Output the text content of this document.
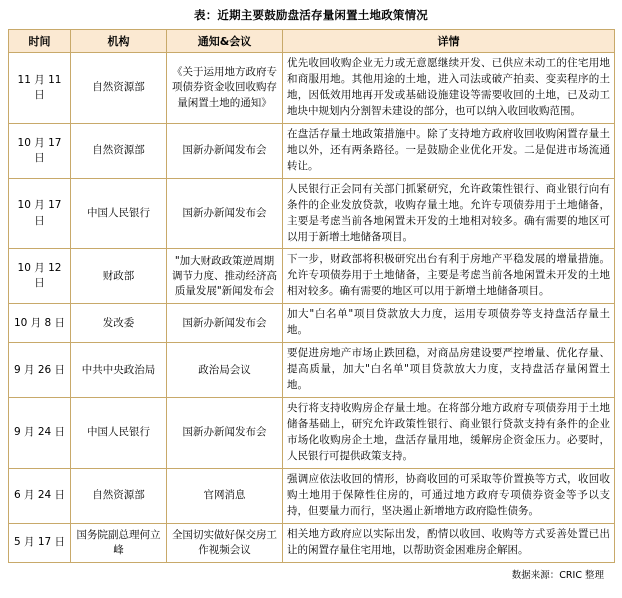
表：近期主要鼓励盘活存量闲置土地政策情况
时间	机构	通知&会议	详情
11 月 11 日	自然资源部	《关于运用地方政府专项债券资金收回收购存量闲置土地的通知》	优先收回收购企业无力或无意愿继续开发、已供应未动工的住宅用地和商服用地。其他用途的土地，进入司法或破产拍卖、变卖程序的土地，因低效用地再开发或基础设施建设等需要收回的土地，已及动工地块中规划内分割智未建设的部分，也可以纳入收回收购范围。
10 月 17 日	自然资源部	国新办新闻发布会	在盘活存量土地政策措施中。除了支持地方政府收回收购闲置存量土地以外，还有两条路径。一是鼓励企业优化开发。二是促进市场流通转让。
10 月 17 日	中国人民银行	国新办新闻发布会	人民银行正会同有关部门抓紧研究，允许政策性银行、商业银行向有条件的企业发放贷款，收购存量土地。允许专项债券用于土地储备，主要是考虑当前各地闲置未开发的土地相对较多。确有需要的地区可以用于新增土地储备项目。
10 月 12 日	财政部	"加大财政政策逆周期调节力度、推动经济高质量发展"新闻发布会	下一步，财政部将积极研究出台有利于房地产平稳发展的增量措施。允许专项债券用于土地储备，主要是考虑当前各地闲置未开发的土地相对较多。确有需要的地区可以用于新增土地储备项目。
10 月 8 日	发改委	国新办新闻发布会	加大"白名单"项目贷款放大力度，运用专项债券等支持盘活存量土地。
9 月 26 日	中共中央政治局	政治局会议	要促进房地产市场止跌回稳，对商品房建设要严控增量、优化存量、提高质量，加大"白名单"项目贷款放大力度，支持盘活存量闲置土地。
9 月 24 日	中国人民银行	国新办新闻发布会	央行将支持收购房企存量土地。在将部分地方政府专项债券用于土地储备基础上，研究允许政策性银行、商业银行贷款支持有条件的企业市场化收购房企土地，盘活存量用地，缓解房企资金压力。必要时，人民银行可提供政策支持。
6 月 24 日	自然资源部	官网消息	强调应依法收回的情形，协商收回的可采取等价置换等方式，收回收购土地用于保障性住房的，可通过地方政府专项债券资金等予以支持，但要量力而行，坚决遏止新增地方政府隐性债务。
5 月 17 日	国务院副总理何立峰	全国切实做好保交房工作视频会议	相关地方政府应以实际出发，酌情以收回、收购等方式妥善处置已出让的闲置存量住宅用地，以帮助资金困难房企解困。
数据来源：CRIC 整理
